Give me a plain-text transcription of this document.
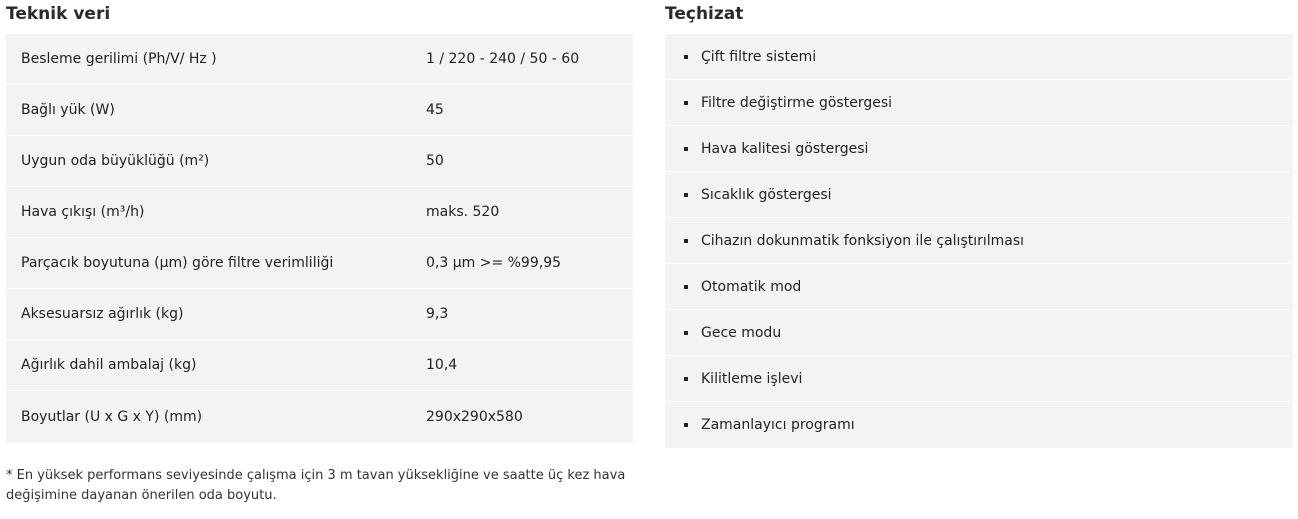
Teknik veri
Besleme gerilimi (Ph/V/ Hz )	1 / 220 - 240 / 50 - 60
Bağlı yük (W)	45
Uygun oda büyüklüğü (m²)	50
Hava çıkışı (m³/h)	maks. 520
Parçacık boyutuna (µm) göre filtre verimliliği	0,3 µm >= %99,95
Aksesuarsız ağırlık (kg)	9,3
Ağırlık dahil ambalaj (kg)	10,4
Boyutlar (U x G x Y) (mm)	290x290x580
Teçhizat
Çift filtre sistemi
Filtre değiştirme göstergesi
Hava kalitesi göstergesi
Sıcaklık göstergesi
Cihazın dokunmatik fonksiyon ile çalıştırılması
Otomatik mod
Gece modu
Kilitleme işlevi
Zamanlayıcı programı
* En yüksek performans seviyesinde çalışma için 3 m tavan yüksekliğine ve saatte üç kez hava değişimine dayanan önerilen oda boyutu.
